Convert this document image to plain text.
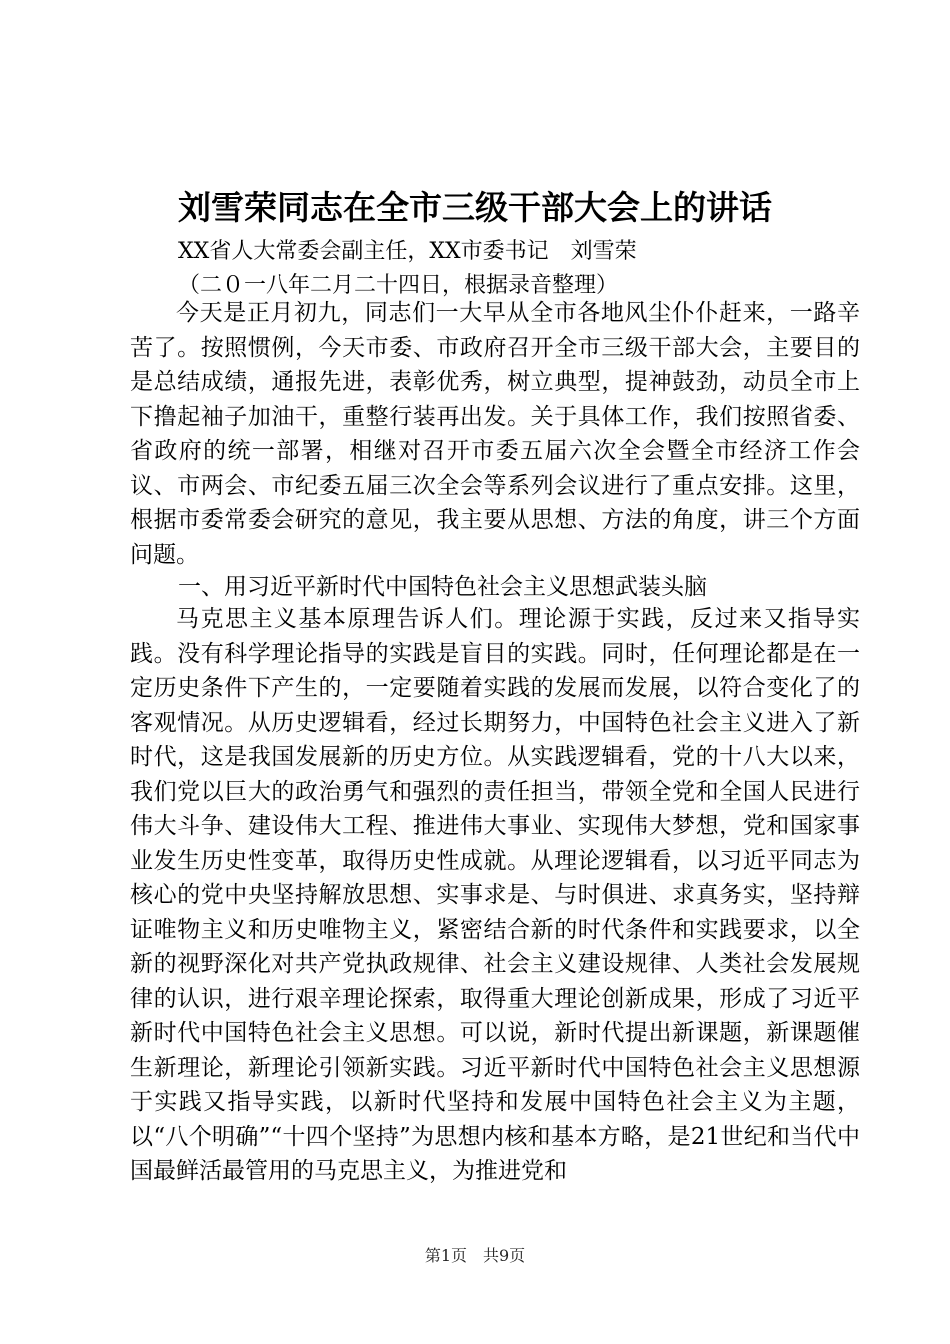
刘雪荣同志在全市三级干部大会上的讲话
XX省人大常委会副主任，XX市委书记　刘雪荣
（二０一八年二月二十四日，根据录音整理）

今天是正月初九，同志们一大早从全市各地风尘仆仆赶来，一路辛苦了。按照惯例，今天市委、市政府召开全市三级干部大会，主要目的是总结成绩，通报先进，表彰优秀，树立典型，提神鼓劲，动员全市上下撸起袖子加油干，重整行装再出发。关于具体工作，我们按照省委、省政府的统一部署，相继对召开市委五届六次全会暨全市经济工作会议、市两会、市纪委五届三次全会等系列会议进行了重点安排。这里，根据市委常委会研究的意见，我主要从思想、方法的角度，讲三个方面问题。

一、用习近平新时代中国特色社会主义思想武装头脑

马克思主义基本原理告诉人们。理论源于实践，反过来又指导实践。没有科学理论指导的实践是盲目的实践。同时，任何理论都是在一定历史条件下产生的，一定要随着实践的发展而发展，以符合变化了的客观情况。从历史逻辑看，经过长期努力，中国特色社会主义进入了新时代，这是我国发展新的历史方位。从实践逻辑看，党的十八大以来，我们党以巨大的政治勇气和强烈的责任担当，带领全党和全国人民进行伟大斗争、建设伟大工程、推进伟大事业、实现伟大梦想，党和国家事业发生历史性变革，取得历史性成就。从理论逻辑看，以习近平同志为核心的党中央坚持解放思想、实事求是、与时俱进、求真务实，坚持辩证唯物主义和历史唯物主义，紧密结合新的时代条件和实践要求，以全新的视野深化对共产党执政规律、社会主义建设规律、人类社会发展规律的认识，进行艰辛理论探索，取得重大理论创新成果，形成了习近平新时代中国特色社会主义思想。可以说，新时代提出新课题，新课题催生新理论，新理论引领新实践。习近平新时代中国特色社会主义思想源于实践又指导实践，以新时代坚持和发展中国特色社会主义为主题，以“八个明确”“十四个坚持”为思想内核和基本方略，是21世纪和当代中国最鲜活最管用的马克思主义，为推进党和

第1页　共9页
